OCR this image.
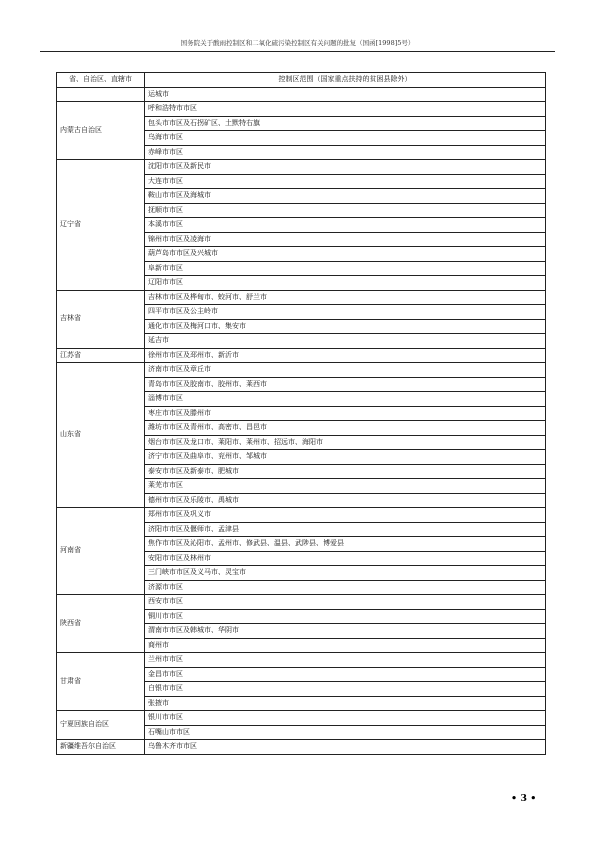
国务院关于酸雨控制区和二氧化硫污染控制区有关问题的批复（国函[1998]5号）
省、自治区、直辖市	控制区范围（国家重点扶持的贫困县除外）
	运城市
内蒙古自治区	呼和浩特市市区
	包头市市区及石拐矿区、土默特右旗
	乌海市市区
	赤峰市市区
辽宁省	沈阳市市区及新民市
	大连市市区
	鞍山市市区及海城市
	抚顺市市区
	本溪市市区
	锦州市市区及凌海市
	葫芦岛市市区及兴城市
	阜新市市区
	辽阳市市区
吉林省	吉林市市区及桦甸市、蛟河市、舒兰市
	四平市市区及公主岭市
	通化市市区及梅河口市、集安市
	延吉市
江苏省	徐州市市区及邳州市、新沂市
山东省	济南市市区及章丘市
	青岛市市区及胶南市、胶州市、莱西市
	淄博市市区
	枣庄市市区及滕州市
	潍坊市市区及青州市、高密市、昌邑市
	烟台市市区及龙口市、莱阳市、莱州市、招远市、海阳市
	济宁市市区及曲阜市、兖州市、邹城市
	泰安市市区及新泰市、肥城市
	莱芜市市区
	德州市市区及乐陵市、禹城市
河南省	郑州市市区及巩义市
	济阳市市区及偃师市、孟津县
	焦作市市区及沁阳市、孟州市、修武县、温县、武陟县、博爱县
	安阳市市区及林州市
	三门峡市市区及义马市、灵宝市
	济源市市区
陕西省	西安市市区
	铜川市市区
	渭南市市区及韩城市、华阴市
	商州市
甘肃省	兰州市市区
	金昌市市区
	白银市市区
	张掖市
宁夏回族自治区	银川市市区
	石嘴山市市区
新疆维吾尔自治区	乌鲁木齐市市区
• 3 •
